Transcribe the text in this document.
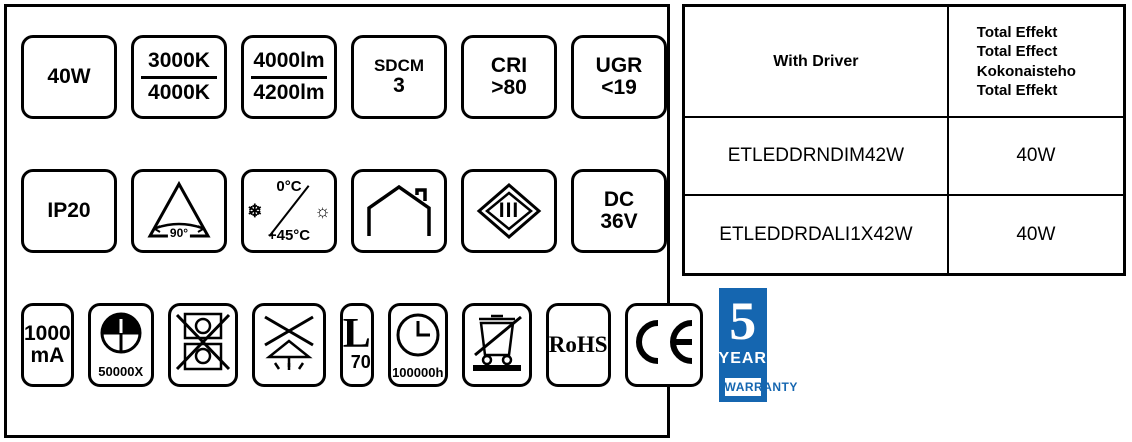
40W
3000K
4000K
4000lm
4200lm
SDCM
3
CRI
>80
UGR
<19
IP20
90°
0°C
❄	☼
+45°C
III	DC
36V
1000
mA
50000X
L
70 100000h
RoHS 5
YEAR
WARRANTY
With Driver	Total Effekt
Total Effect
Kokonaisteho
Total Effekt

ETLEDDRNDIM42W	40W
ETLEDDRDALI1X42W	40W
